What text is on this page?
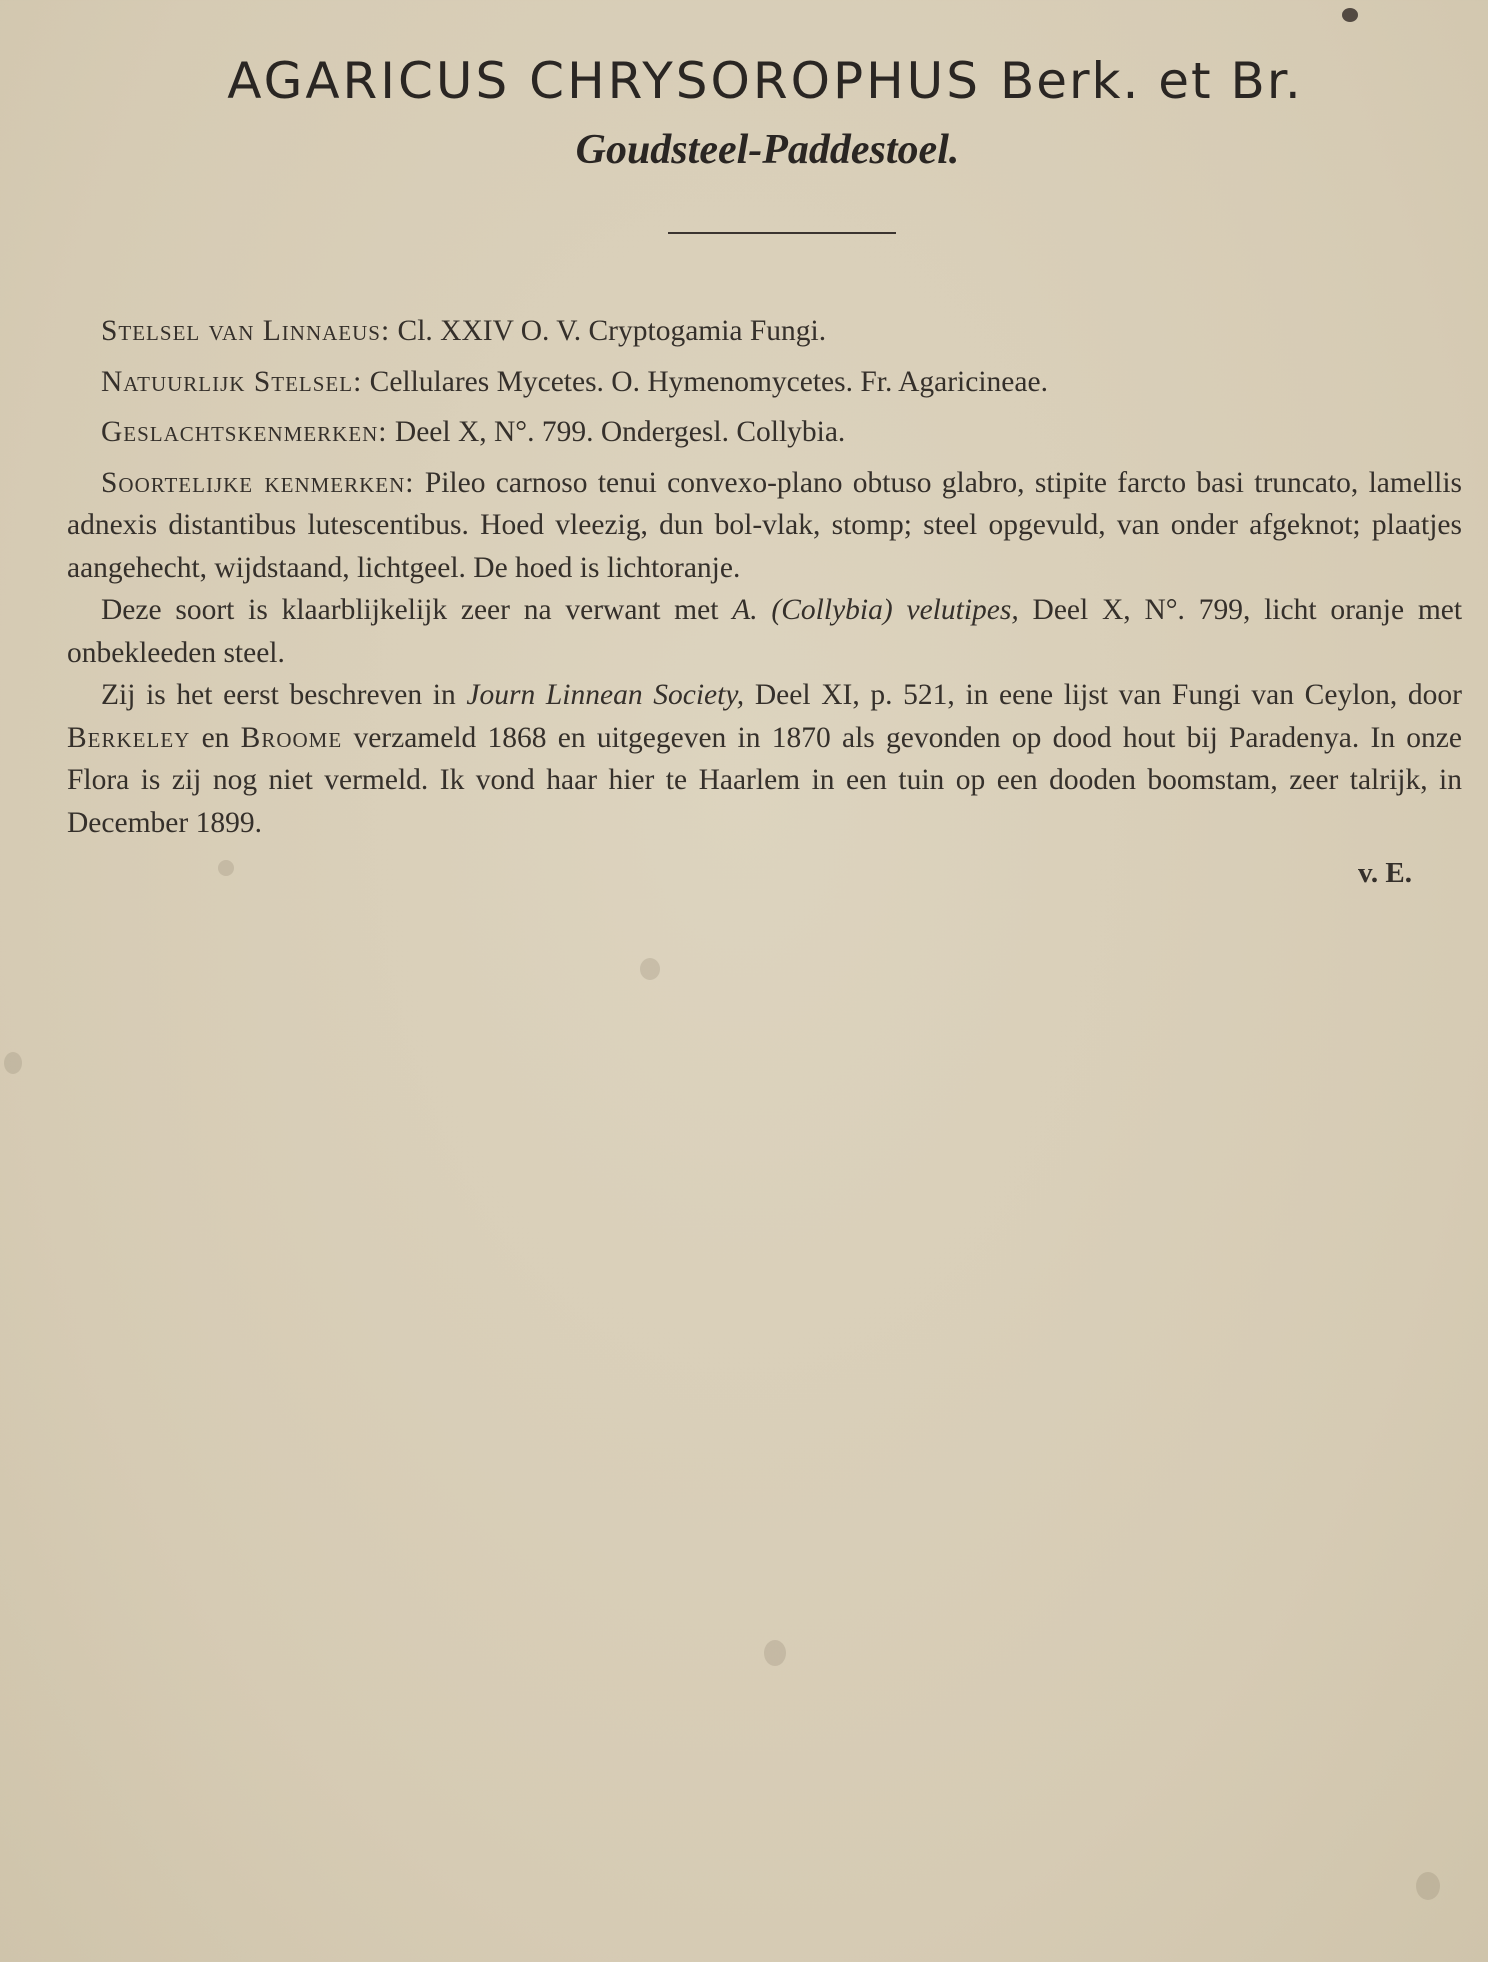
AGARICUS CHRYSOROPHUS Berk. et Br.
Goudsteel-Paddestoel.

Stelsel van Linnaeus: Cl. XXIV O. V. Cryptogamia Fungi.

Natuurlijk Stelsel: Cellulares Mycetes. O. Hymenomycetes. Fr. Agaricineae.

Geslachtskenmerken: Deel X, N°. 799. Ondergesl. Collybia.

Soortelijke kenmerken: Pileo carnoso tenui convexo-plano obtuso glabro, stipite farcto basi truncato, lamellis adnexis distantibus lutescentibus. Hoed vleezig, dun bol-vlak, stomp; steel opgevuld, van onder afgeknot; plaatjes aangehecht, wijdstaand, lichtgeel. De hoed is lichtoranje.

Deze soort is klaarblijkelijk zeer na verwant met A. (Collybia) velutipes, Deel X, N°. 799, licht oranje met onbekleeden steel.

Zij is het eerst beschreven in Journ Linnean Society, Deel XI, p. 521, in eene lijst van Fungi van Ceylon, door Berkeley en Broome verzameld 1868 en uitgegeven in 1870 als gevonden op dood hout bij Paradenya. In onze Flora is zij nog niet vermeld. Ik vond haar hier te Haarlem in een tuin op een dooden boomstam, zeer talrijk, in December 1899.

v. E.
